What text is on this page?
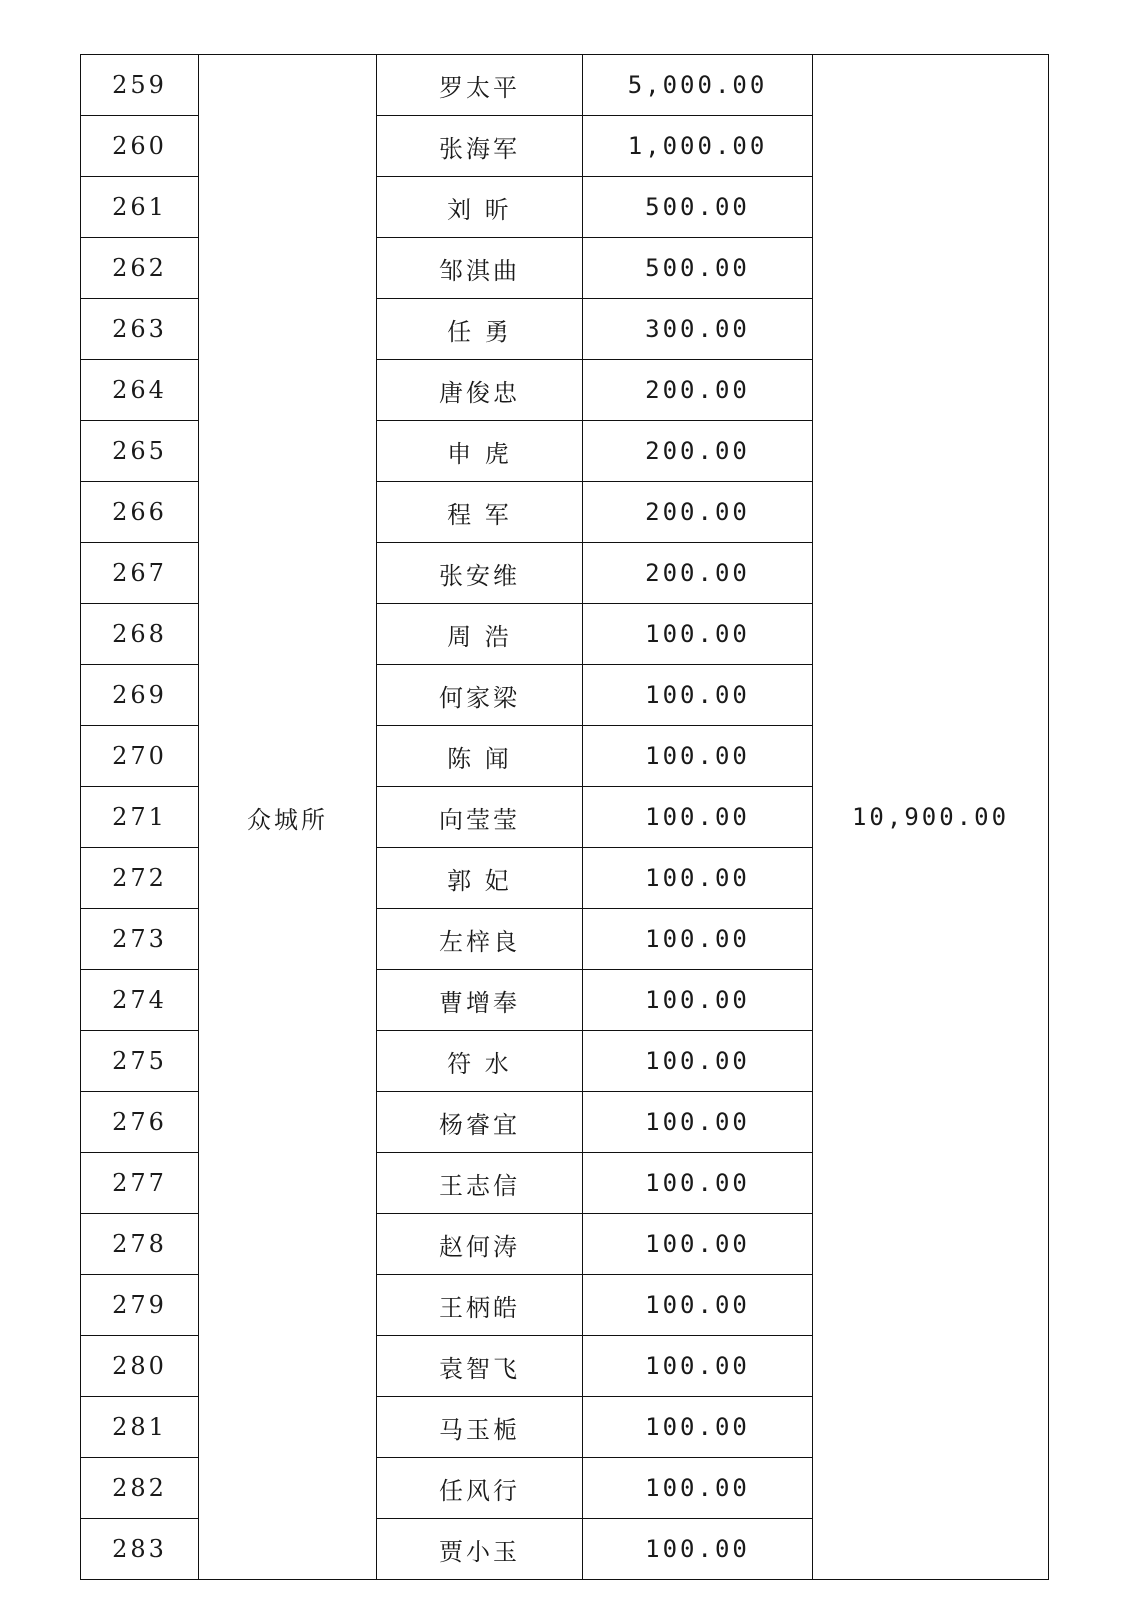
259	众城所	罗太平	5,000.00	10,900.00
260		张海军	1,000.00	
261		刘 昕	500.00	
262		邹淇曲	500.00	
263		任 勇	300.00	
264		唐俊忠	200.00	
265		申 虎	200.00	
266		程 军	200.00	
267		张安维	200.00	
268		周 浩	100.00	
269		何家梁	100.00	
270		陈 闻	100.00	
271		向莹莹	100.00	
272		郭 妃	100.00	
273		左梓良	100.00	
274		曹增奉	100.00	
275		符 水	100.00	
276		杨睿宜	100.00	
277		王志信	100.00	
278		赵何涛	100.00	
279		王柄皓	100.00	
280		袁智飞	100.00	
281		马玉栀	100.00	
282		任风行	100.00	
283		贾小玉	100.00	
